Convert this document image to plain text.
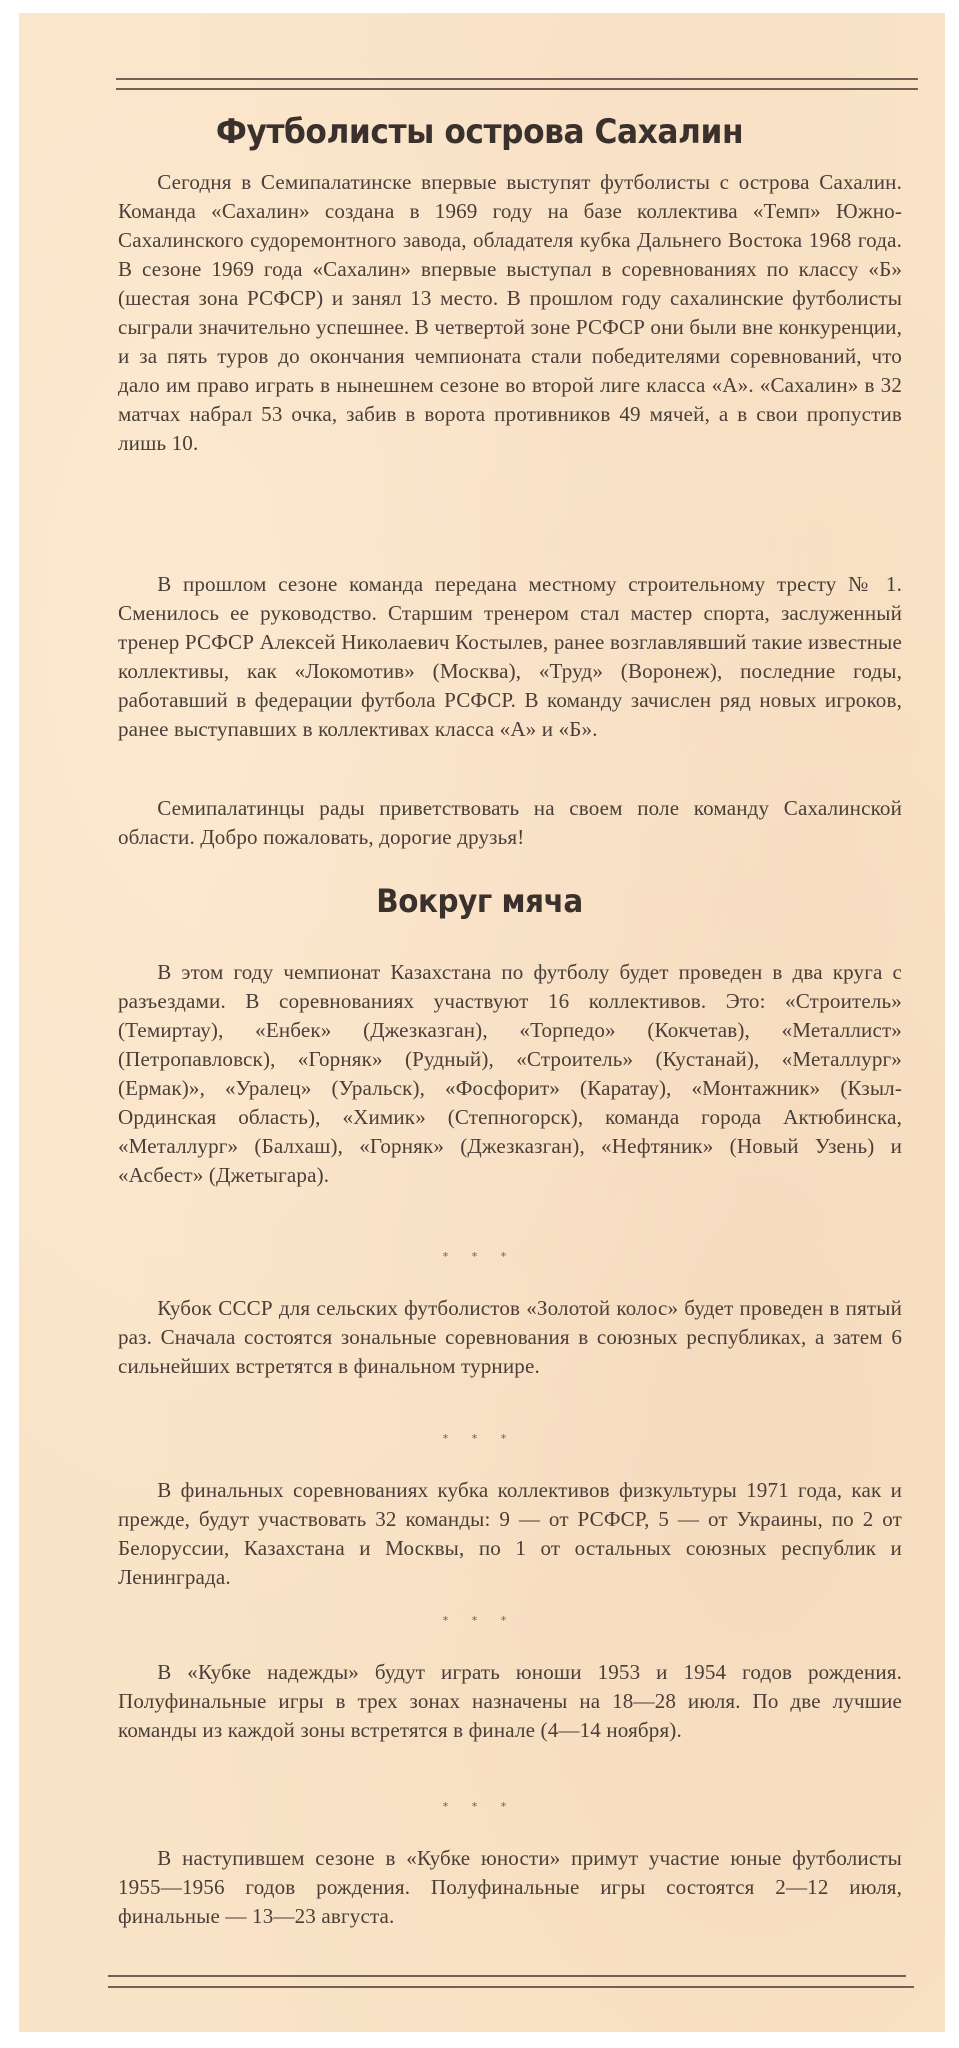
Футболисты острова Сахалин

Сегодня в Семипалатинске впервые выступят футболисты с острова Сахалин. Команда «Сахалин» создана в 1969 году на базе коллектива «Темп» Южно-Сахалинского судоремонтного завода, обладателя кубка Дальнего Востока 1968 года. В сезоне 1969 года «Сахалин» впервые выступал в соревнованиях по классу «Б» (шестая зона РСФСР) и занял 13 место. В прошлом году сахалинские футболисты сыграли значительно успешнее. В четвертой зоне РСФСР они были вне конкуренции, и за пять туров до окончания чемпионата стали победителями соревнований, что дало им право играть в нынешнем сезоне во второй лиге класса «А». «Сахалин» в 32 матчах набрал 53 очка, забив в ворота противников 49 мячей, а в свои пропустив лишь 10.

В прошлом сезоне команда передана местному строительному тресту № 1. Сменилось ее руководство. Старшим тренером стал мастер спорта, заслуженный тренер РСФСР Алексей Николаевич Костылев, ранее возглавлявший такие известные коллективы, как «Локомотив» (Москва), «Труд» (Воронеж), последние годы, работавший в федерации футбола РСФСР. В команду зачислен ряд новых игроков, ранее выступавших в коллективах класса «А» и «Б».

Семипалатинцы рады приветствовать на своем поле команду Сахалинской области. Добро пожаловать, дорогие друзья!

Вокруг мяча

В этом году чемпионат Казахстана по футболу будет проведен в два круга с разъездами. В соревнованиях участвуют 16 коллективов. Это: «Строитель» (Темиртау), «Енбек» (Джезказган), «Торпедо» (Кокчетав), «Металлист» (Петропавловск), «Горняк» (Рудный), «Строитель» (Кустанай), «Металлург» (Ермак)», «Уралец» (Уральск), «Фосфорит» (Каратау), «Монтажник» (Кзыл-Ординская область), «Химик» (Степногорск), команда города Актюбинска, «Металлург» (Балхаш), «Горняк» (Джезказган), «Нефтяник» (Новый Узень) и «Асбест» (Джетыгара).

* * *

Кубок СССР для сельских футболистов «Золотой колос» будет проведен в пятый раз. Сначала состоятся зональные соревнования в союзных республиках, а затем 6 сильнейших встретятся в финальном турнире.

* * *

В финальных соревнованиях кубка коллективов физкультуры 1971 года, как и прежде, будут участвовать 32 команды: 9 — от РСФСР, 5 — от Украины, по 2 от Белоруссии, Казахстана и Москвы, по 1 от остальных союзных республик и Ленинграда.

* * *

В «Кубке надежды» будут играть юноши 1953 и 1954 годов рождения. Полуфинальные игры в трех зонах назначены на 18—28 июля. По две лучшие команды из каждой зоны встретятся в финале (4—14 ноября).

* * *

В наступившем сезоне в «Кубке юности» примут участие юные футболисты 1955—1956 годов рождения. Полуфинальные игры состоятся 2—12 июля, финальные — 13—23 августа.
